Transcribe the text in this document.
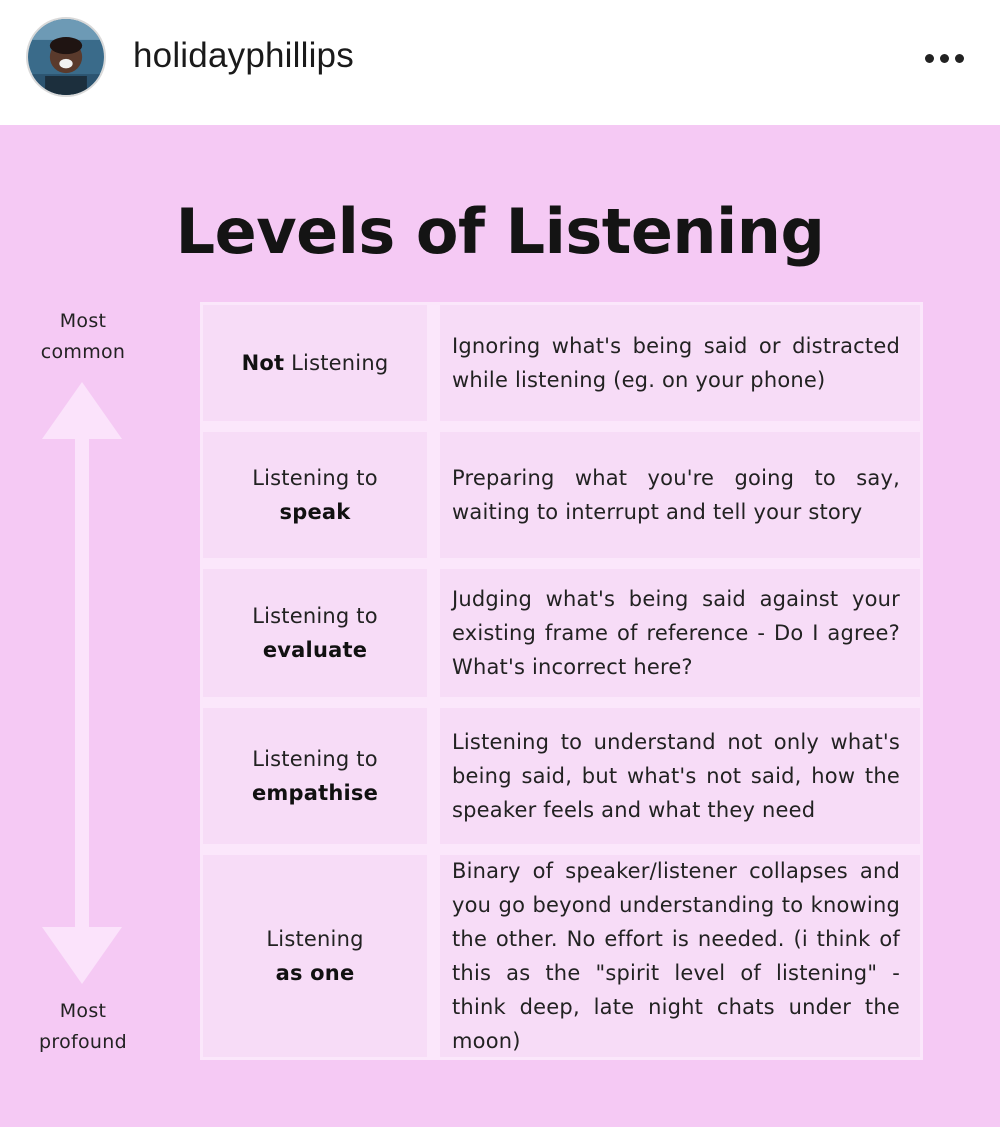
holidayphillips
Levels of Listening
Most
common
Most
profound
Not Listening
Ignoring what's being said or distracted while listening (eg. on your phone)
Listening to
speak
Preparing what you're going to say, waiting to interrupt and tell your story
Listening to
evaluate
Judging what's being said against your existing frame of reference - Do I agree? What's incorrect here?
Listening to
empathise
Listening to understand not only what's being said, but what's not said, how the speaker feels and what they need
Listening
as one
Binary of speaker/listener collapses and you go beyond understanding to knowing the other. No effort is needed. (i think of this as the "spirit level of listening" - think deep, late night chats under the moon)
